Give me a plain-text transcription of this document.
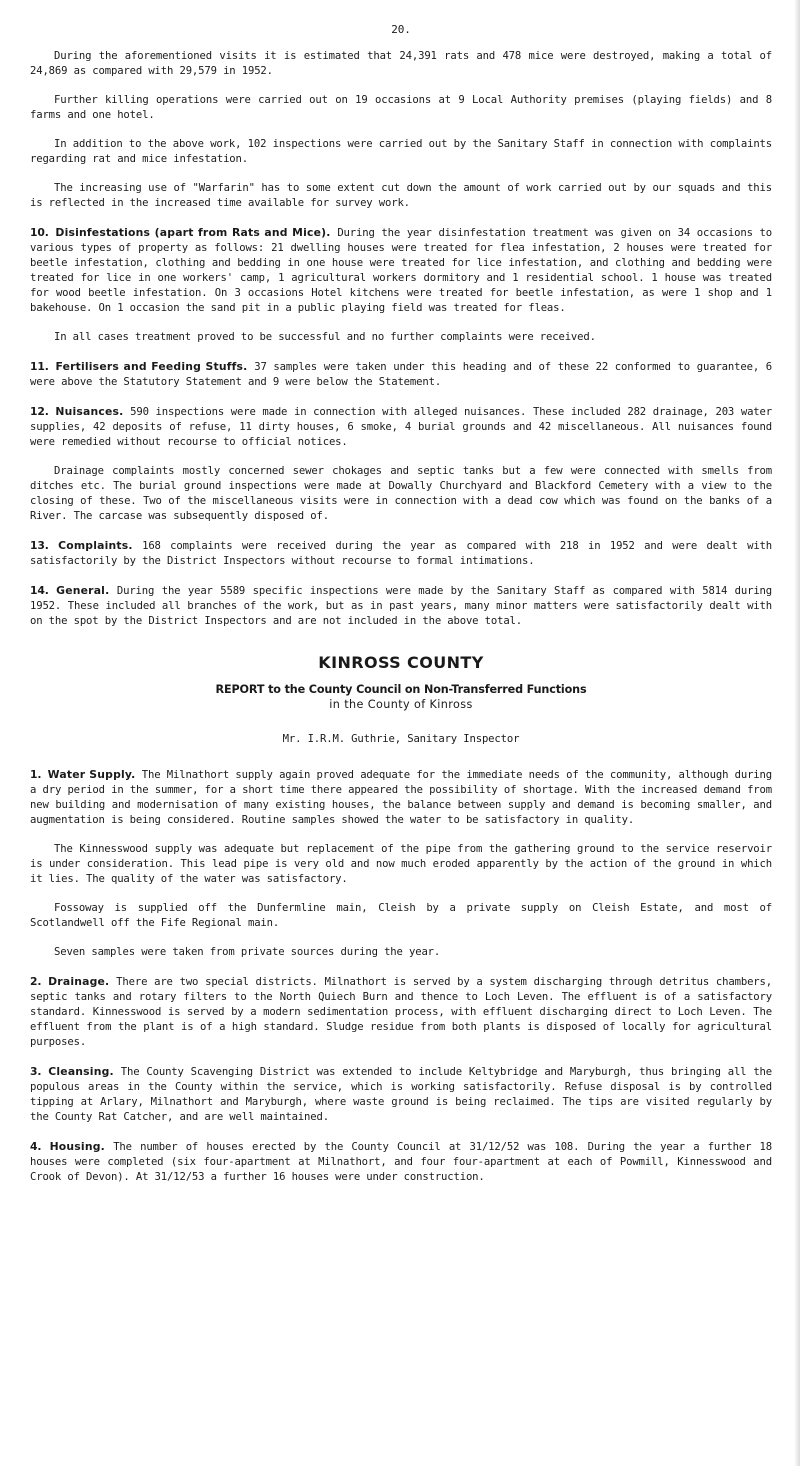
20.

During the aforementioned visits it is estimated that 24,391 rats and 478 mice were destroyed, making a total of 24,869 as compared with 29,579 in 1952.

Further killing operations were carried out on 19 occasions at 9 Local Authority premises (playing fields) and 8 farms and one hotel.

In addition to the above work, 102 inspections were carried out by the Sanitary Staff in connection with complaints regarding rat and mice infestation.

The increasing use of "Warfarin" has to some extent cut down the amount of work carried out by our squads and this is reflected in the increased time available for survey work.

10. Disinfestations (apart from Rats and Mice). During the year disinfestation treatment was given on 34 occasions to various types of property as follows: 21 dwelling houses were treated for flea infestation, 2 houses were treated for beetle infestation, clothing and bedding in one house were treated for lice infestation, and clothing and bedding were treated for lice in one workers' camp, 1 agricultural workers dormitory and 1 residential school. 1 house was treated for wood beetle infestation. On 3 occasions Hotel kitchens were treated for beetle infestation, as were 1 shop and 1 bakehouse. On 1 occasion the sand pit in a public playing field was treated for fleas.

In all cases treatment proved to be successful and no further complaints were received.

11. Fertilisers and Feeding Stuffs. 37 samples were taken under this heading and of these 22 conformed to guarantee, 6 were above the Statutory Statement and 9 were below the Statement.

12. Nuisances. 590 inspections were made in connection with alleged nuisances. These included 282 drainage, 203 water supplies, 42 deposits of refuse, 11 dirty houses, 6 smoke, 4 burial grounds and 42 miscellaneous. All nuisances found were remedied without recourse to official notices.

Drainage complaints mostly concerned sewer chokages and septic tanks but a few were connected with smells from ditches etc. The burial ground inspections were made at Dowally Churchyard and Blackford Cemetery with a view to the closing of these. Two of the miscellaneous visits were in connection with a dead cow which was found on the banks of a River. The carcase was subsequently disposed of.

13. Complaints. 168 complaints were received during the year as compared with 218 in 1952 and were dealt with satisfactorily by the District Inspectors without recourse to formal intimations.

14. General. During the year 5589 specific inspections were made by the Sanitary Staff as compared with 5814 during 1952. These included all branches of the work, but as in past years, many minor matters were satisfactorily dealt with on the spot by the District Inspectors and are not included in the above total.

KINROSS COUNTY
REPORT to the County Council on Non-Transferred Functions
in the County of Kinross
Mr. I.R.M. Guthrie, Sanitary Inspector

1. Water Supply. The Milnathort supply again proved adequate for the immediate needs of the community, although during a dry period in the summer, for a short time there appeared the possibility of shortage. With the increased demand from new building and modernisation of many existing houses, the balance between supply and demand is becoming smaller, and augmentation is being considered. Routine samples showed the water to be satisfactory in quality.

The Kinnesswood supply was adequate but replacement of the pipe from the gathering ground to the service reservoir is under consideration. This lead pipe is very old and now much eroded apparently by the action of the ground in which it lies. The quality of the water was satisfactory.

Fossoway is supplied off the Dunfermline main, Cleish by a private supply on Cleish Estate, and most of Scotlandwell off the Fife Regional main.

Seven samples were taken from private sources during the year.

2. Drainage. There are two special districts. Milnathort is served by a system discharging through detritus chambers, septic tanks and rotary filters to the North Quiech Burn and thence to Loch Leven. The effluent is of a satisfactory standard. Kinnesswood is served by a modern sedimentation process, with effluent discharging direct to Loch Leven. The effluent from the plant is of a high standard. Sludge residue from both plants is disposed of locally for agricultural purposes.

3. Cleansing. The County Scavenging District was extended to include Keltybridge and Maryburgh, thus bringing all the populous areas in the County within the service, which is working satisfactorily. Refuse disposal is by controlled tipping at Arlary, Milnathort and Maryburgh, where waste ground is being reclaimed. The tips are visited regularly by the County Rat Catcher, and are well maintained.

4. Housing. The number of houses erected by the County Council at 31/12/52 was 108. During the year a further 18 houses were completed (six four-apartment at Milnathort, and four four-apartment at each of Powmill, Kinnesswood and Crook of Devon). At 31/12/53 a further 16 houses were under construction.
